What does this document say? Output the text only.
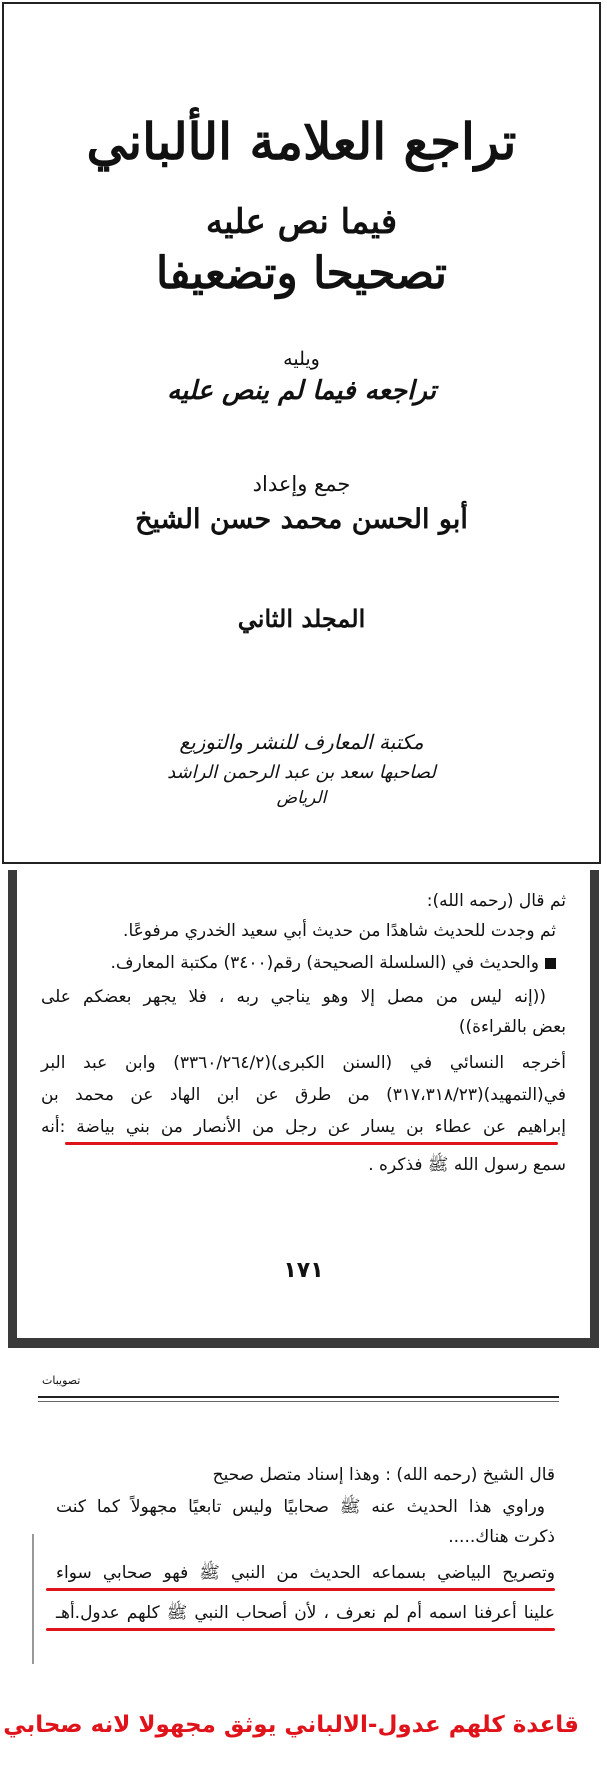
تراجع العلامة الألباني
فيما نص عليه
تصحيحا وتضعيفا
ويليه
تراجعه فيما لم ينص عليه
جمع وإعداد
أبو الحسن محمد حسن الشيخ
المجلد الثاني
مكتبة المعارف للنشر والتوزيع
لصاحبها سعد بن عبد الرحمن الراشد
الرياض
ثم قال (رحمه الله):
ثم وجدت للحديث شاهدًا من حديث أبي سعيد الخدري مرفوعًا.
والحديث في (السلسلة الصحيحة) رقم(٣٤٠٠) مكتبة المعارف.
((إنه ليس من مصل إلا وهو يناجي ربه ، فلا يجهر بعضكم على
بعض بالقراءة))
أخرجه النسائي في (السنن الكبرى)(٣٣٦٠/٢٦٤/٢) وابن عبد البر
في(التمهيد)(٣١٧،٣١٨/٢٣) من طرق عن ابن الهاد عن محمد بن
إبراهيم عن عطاء بن يسار عن رجل من الأنصار من بني بياضة :أنه
سمع رسول الله ﷺ فذكره .
١٧١
تصويبات
قال الشيخ (رحمه الله) : وهذا إسناد متصل صحيح
وراوي هذا الحديث عنه ﷺ صحابيًا وليس تابعيًا مجهولاً كما كنت
ذكرت هناك.....
وتصريح البياضي بسماعه الحديث من النبي ﷺ فهو صحابي سواء
علينا أعرفنا اسمه أم لم نعرف ، لأن أصحاب النبي ﷺ كلهم عدول.أهـ
قاعدة كلهم عدول-الالباني يوثق مجهولا لانه صحابي
